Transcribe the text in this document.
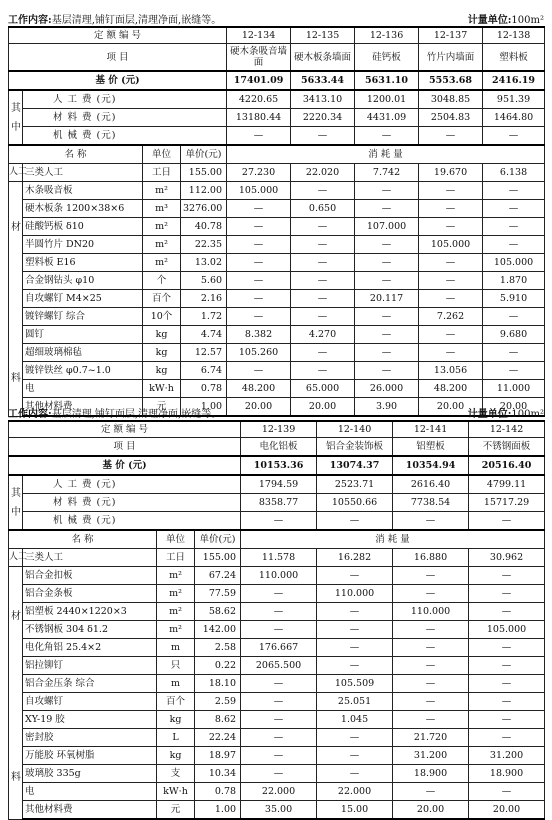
工作内容:基层清理,铺钉面层,清理净面,嵌缝等。	计量单位:100m²
定 额 编 号				12-134	12-135	12-136	12-137	12-138
项 目				硬木条吸音墙面	硬木板条墙面	硅钙板	竹片内墙面	塑料板
基 价 (元)				17401.09	5633.44	5631.10	5553.68	2416.19

其
中	人 工 费 (元)			4220.65	3413.10	1200.01	3048.85	951.39
	材 料 费 (元)			13180.44	2220.34	4431.09	2504.83	1464.80
	机 械 费 (元)			—	—	—	—	—
名 称		单位	单价(元)	消 耗 量				
人工	三类人工	工日	155.00	27.230	22.020	7.742	19.670	6.138

材
料	木条吸音板	m²	112.00	105.000	—	—	—	—
	硬木板条 1200×38×6	m³	3276.00	—	0.650	—	—	—
	硅酸钙板 δ10	m²	40.78	—	—	107.000	—	—
	半圆竹片 DN20	m²	22.35	—	—	—	105.000	—
	塑料板 E16	m²	13.02	—	—	—	—	105.000
	合金钢钻头 φ10	个	5.60	—	—	—	—	1.870
	自攻螺钉 M4×25	百个	2.16	—	—	20.117	—	5.910
	镀锌螺钉 综合	10个	1.72	—	—	—	7.262	—
	圆钉	kg	4.74	8.382	4.270	—	—	9.680
	超细玻璃棉毡	kg	12.57	105.260	—	—	—	—
	镀锌铁丝 φ0.7~1.0	kg	6.74	—	—	—	13.056	—
	电	kW·h	0.78	48.200	65.000	26.000	48.200	11.000
	其他材料费	元	1.00	20.00	20.00	3.90	20.00	20.00
工作内容:基层清理,铺钉面层,清理净面,嵌缝等。	计量单位:100m²
定 额 编 号				12-139	12-140	12-141	12-142
项 目				电化铝板	铝合金装饰板	铝塑板	不锈钢面板
基 价 (元)				10153.36	13074.37	10354.94	20516.40

其
中	人 工 费 (元)			1794.59	2523.71	2616.40	4799.11
	材 料 费 (元)			8358.77	10550.66	7738.54	15717.29
	机 械 费 (元)			—	—	—	—
名 称		单位	单价(元)	消 耗 量			
人工	三类人工	工日	155.00	11.578	16.282	16.880	30.962

材
料	铝合金扣板	m²	67.24	110.000	—	—	—
	铝合金条板	m²	77.59	—	110.000	—	—
	铝塑板 2440×1220×3	m²	58.62	—	—	110.000	—
	不锈钢板 304 δ1.2	m²	142.00	—	—	—	105.000
	电化角铝 25.4×2	m	2.58	176.667	—	—	—
	铝拉铆钉	只	0.22	2065.500	—	—	—
	铝合金压条 综合	m	18.10	—	105.509	—	—
	自攻螺钉	百个	2.59	—	25.051	—	—
	XY-19 胶	kg	8.62	—	1.045	—	—
	密封胶	L	22.24	—	—	21.720	—
	万能胶 环氧树脂	kg	18.97	—	—	31.200	31.200
	玻璃胶 335g	支	10.34	—	—	18.900	18.900
	电	kW·h	0.78	22.000	22.000	—	—
	其他材料费	元	1.00	35.00	15.00	20.00	20.00
